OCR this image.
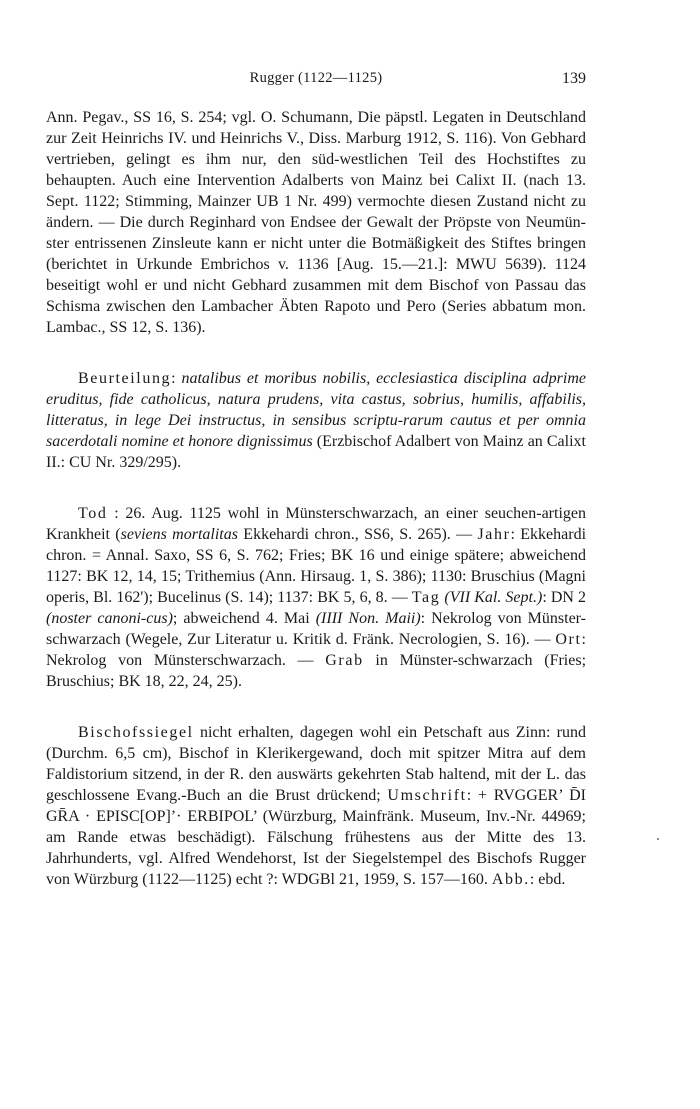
Rugger (1122—1125)	139

Ann. Pegav., SS 16, S. 254; vgl. O. Schumann, Die päpstl. Legaten in Deutschland zur Zeit Heinrichs IV. und Heinrichs V., Diss. Marburg 1912, S. 116). Von Gebhard vertrieben, gelingt es ihm nur, den süd-westlichen Teil des Hochstiftes zu behaupten. Auch eine Intervention Adalberts von Mainz bei Calixt II. (nach 13. Sept. 1122; Stimming, Mainzer UB 1 Nr. 499) vermochte diesen Zustand nicht zu ändern. — Die durch Reginhard von Endsee der Gewalt der Pröpste von Neumün-ster entrissenen Zinsleute kann er nicht unter die Botmäßigkeit des Stiftes bringen (berichtet in Urkunde Embrichos v. 1136 [Aug. 15.—21.]: MWU 5639). 1124 beseitigt wohl er und nicht Gebhard zusammen mit dem Bischof von Passau das Schisma zwischen den Lambacher Äbten Rapoto und Pero (Series abbatum mon. Lambac., SS 12, S. 136).

Beurteilung: natalibus et moribus nobilis, ecclesiastica disciplina adprime eruditus, fide catholicus, natura prudens, vita castus, sobrius, humilis, affabilis, litteratus, in lege Dei instructus, in sensibus scriptu-rarum cautus et per omnia sacerdotali nomine et honore dignissimus (Erzbischof Adalbert von Mainz an Calixt II.: CU Nr. 329/295).

Tod : 26. Aug. 1125 wohl in Münsterschwarzach, an einer seuchen-artigen Krankheit (seviens mortalitas Ekkehardi chron., SS6, S. 265). — Jahr: Ekkehardi chron. = Annal. Saxo, SS 6, S. 762; Fries; BK 16 und einige spätere; abweichend 1127: BK 12, 14, 15; Trithemius (Ann. Hirsaug. 1, S. 386); 1130: Bruschius (Magni operis, Bl. 162'); Bucelinus (S. 14); 1137: BK 5, 6, 8. — Tag (VII Kal. Sept.): DN 2 (noster canoni-cus); abweichend 4. Mai (IIII Non. Maii): Nekrolog von Münster-schwarzach (Wegele, Zur Literatur u. Kritik d. Fränk. Necrologien, S. 16). — Ort: Nekrolog von Münsterschwarzach. — Grab in Münster-schwarzach (Fries; Bruschius; BK 18, 22, 24, 25).

Bischofssiegel nicht erhalten, dagegen wohl ein Petschaft aus Zinn: rund (Durchm. 6,5 cm), Bischof in Klerikergewand, doch mit spitzer Mitra auf dem Faldistorium sitzend, in der R. den auswärts gekehrten Stab haltend, mit der L. das geschlossene Evang.-Buch an die Brust drückend; Umschrift: + RVGGER’ D̄I GR̄A · EPISC[OP]’· ERBIPOL’ (Würzburg, Mainfränk. Museum, Inv.-Nr. 44969; am Rande etwas beschädigt). Fälschung frühestens aus der Mitte des 13. Jahrhunderts, vgl. Alfred Wendehorst, Ist der Siegelstempel des Bischofs Rugger von Würzburg (1122—1125) echt ?: WDGBl 21, 1959, S. 157—160. Abb.: ebd.
